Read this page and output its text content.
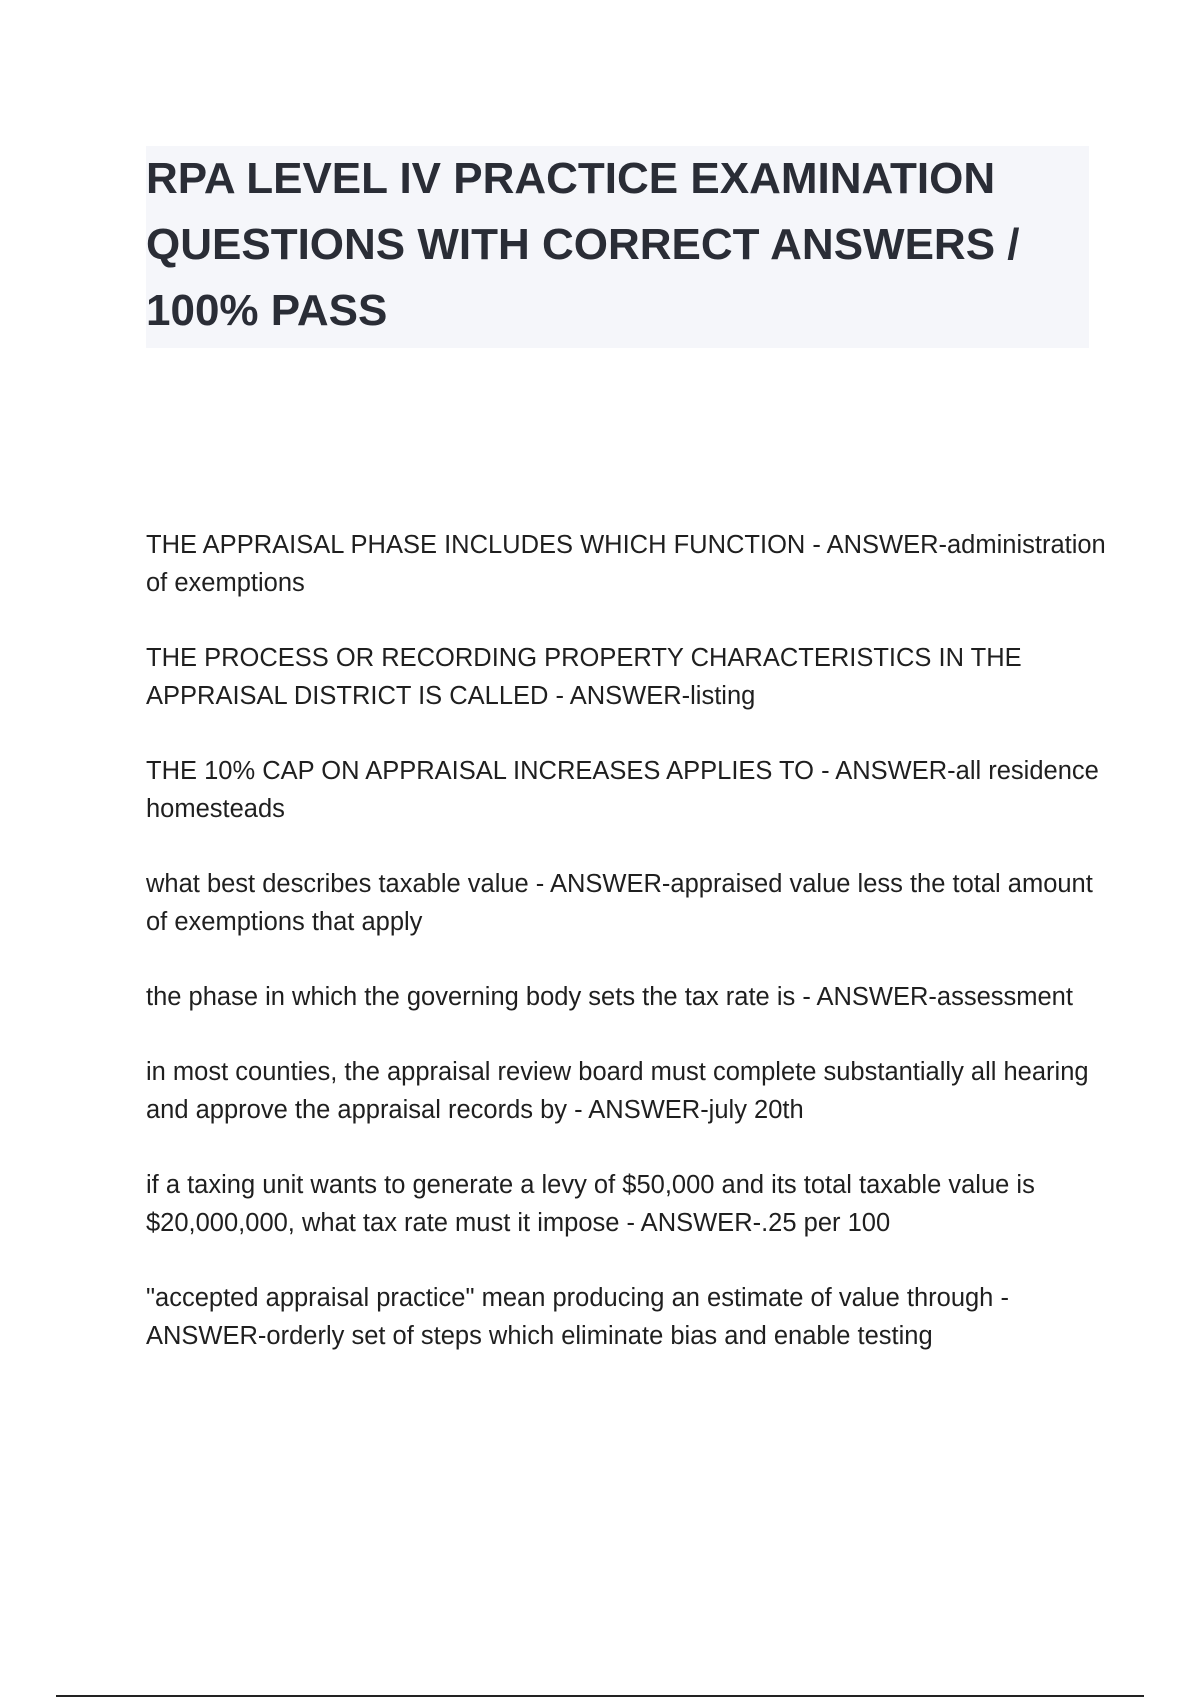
RPA LEVEL IV PRACTICE EXAMINATION QUESTIONS WITH CORRECT ANSWERS / 100% PASS

THE APPRAISAL PHASE INCLUDES WHICH FUNCTION - ANSWER-administration of exemptions

THE PROCESS OR RECORDING PROPERTY CHARACTERISTICS IN THE APPRAISAL DISTRICT IS CALLED - ANSWER-listing

THE 10% CAP ON APPRAISAL INCREASES APPLIES TO - ANSWER-all residence homesteads

what best describes taxable value - ANSWER-appraised value less the total amount of exemptions that apply

the phase in which the governing body sets the tax rate is - ANSWER-assessment

in most counties, the appraisal review board must complete substantially all hearing and approve the appraisal records by - ANSWER-july 20th

if a taxing unit wants to generate a levy of $50,000 and its total taxable value is $20,000,000, what tax rate must it impose - ANSWER-.25 per 100

"accepted appraisal practice" mean producing an estimate of value through - ANSWER-orderly set of steps which eliminate bias and enable testing
